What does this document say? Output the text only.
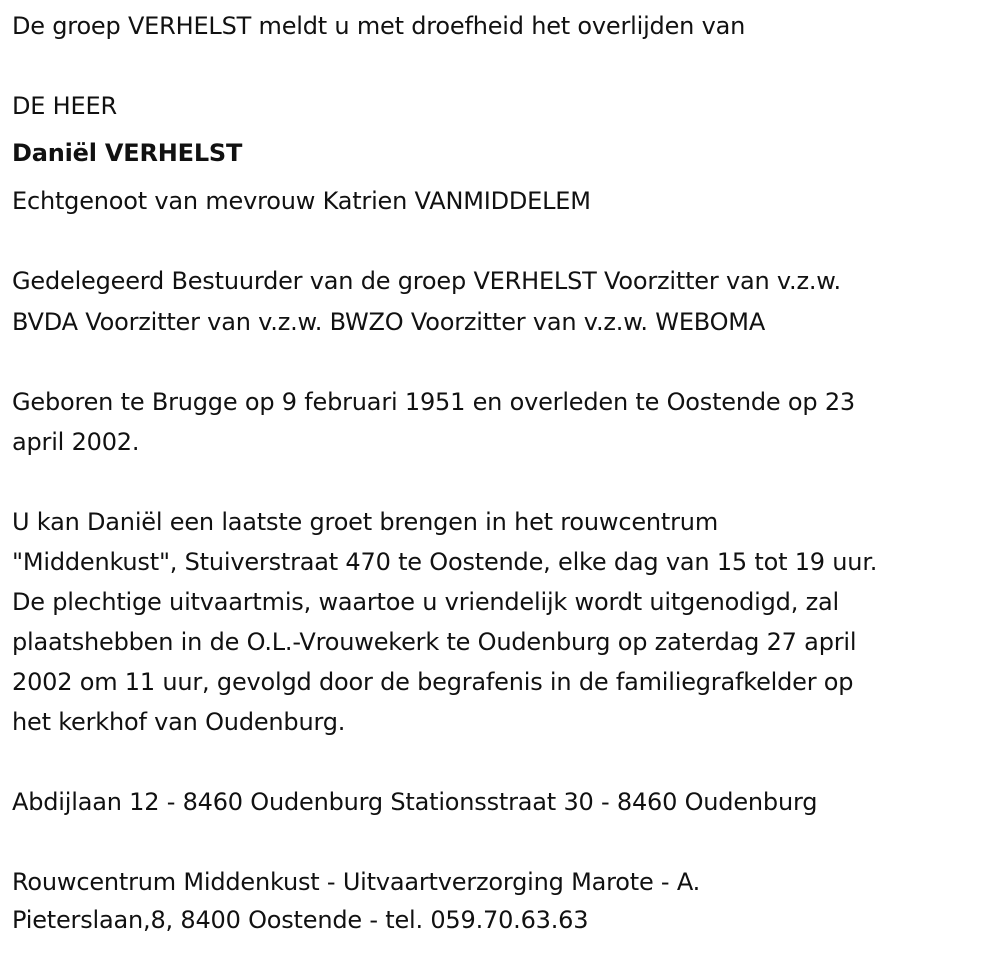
De groep VERHELST meldt u met droefheid het overlijden van
DE HEER
Daniël VERHELST
Echtgenoot van mevrouw Katrien VANMIDDELEM
Gedelegeerd Bestuurder van de groep VERHELST Voorzitter van v.z.w.
BVDA Voorzitter van v.z.w. BWZO Voorzitter van v.z.w. WEBOMA
Geboren te Brugge op 9 februari 1951 en overleden te Oostende op 23
april 2002.
U kan Daniël een laatste groet brengen in het rouwcentrum
"Middenkust", Stuiverstraat 470 te Oostende, elke dag van 15 tot 19 uur.
De plechtige uitvaartmis, waartoe u vriendelijk wordt uitgenodigd, zal
plaatshebben in de O.L.-Vrouwekerk te Oudenburg op zaterdag 27 april
2002 om 11 uur, gevolgd door de begrafenis in de familiegrafkelder op
het kerkhof van Oudenburg.
Abdijlaan 12 - 8460 Oudenburg Stationsstraat 30 - 8460 Oudenburg
Rouwcentrum Middenkust - Uitvaartverzorging Marote - A.
Pieterslaan,8, 8400 Oostende - tel. 059.70.63.63
